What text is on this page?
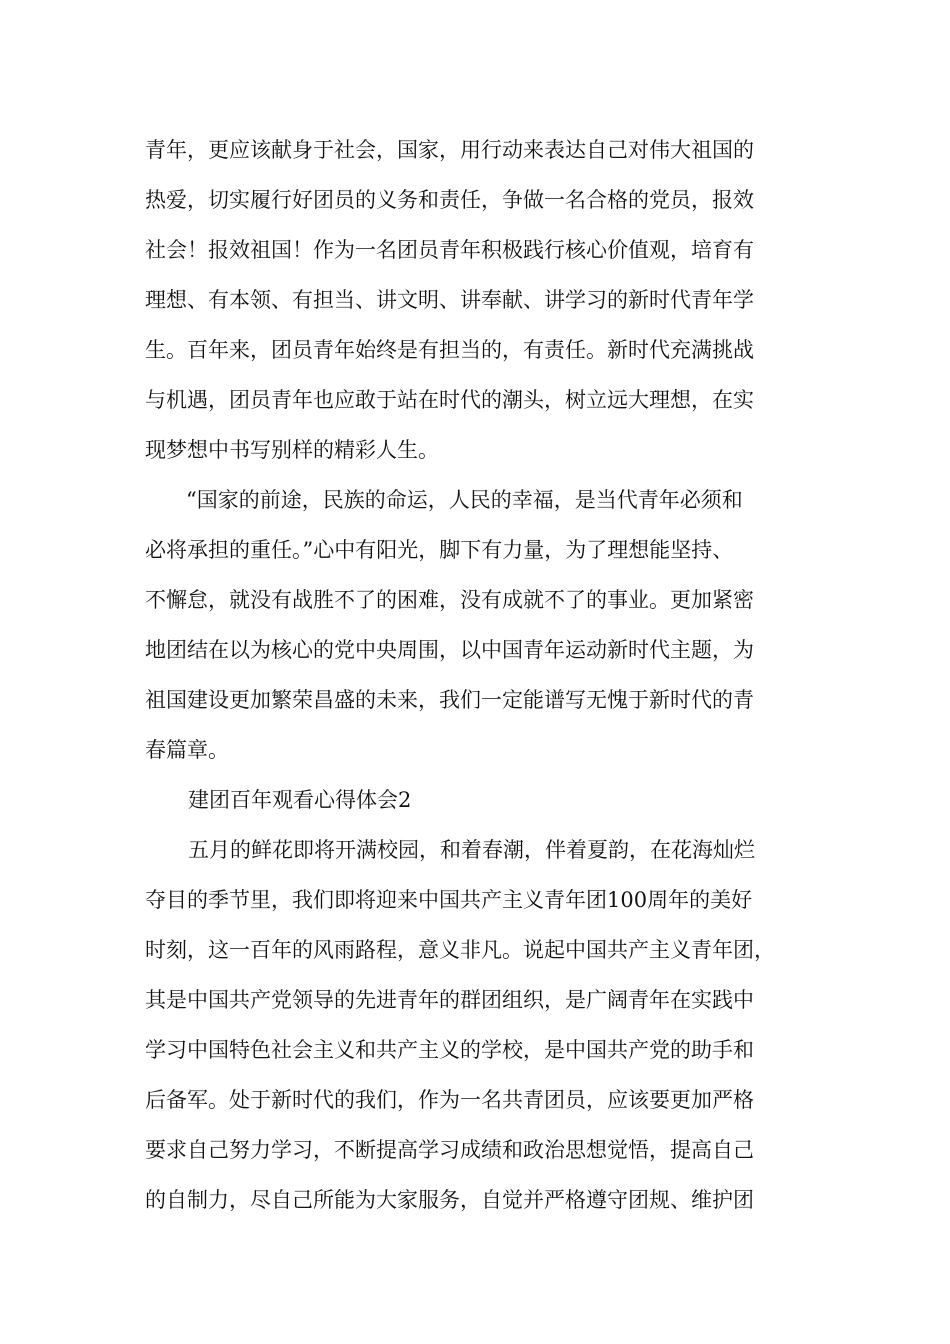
青年，更应该献身于社会，国家，用行动来表达自己对伟大祖国的
热爱，切实履行好团员的义务和责任，争做一名合格的党员，报效
社会！报效祖国！作为一名团员青年积极践行核心价值观，培育有
理想、有本领、有担当、讲文明、讲奉献、讲学习的新时代青年学
生。百年来，团员青年始终是有担当的，有责任。新时代充满挑战
与机遇，团员青年也应敢于站在时代的潮头，树立远大理想，在实
现梦想中书写别样的精彩人生。
“国家的前途，民族的命运，人民的幸福，是当代青年必须和
必将承担的重任。”心中有阳光，脚下有力量，为了理想能坚持、
不懈怠，就没有战胜不了的困难，没有成就不了的事业。更加紧密
地团结在以为核心的党中央周围，以中国青年运动新时代主题，为
祖国建设更加繁荣昌盛的未来，我们一定能谱写无愧于新时代的青
春篇章。
建团百年观看心得体会2
五月的鲜花即将开满校园，和着春潮，伴着夏韵，在花海灿烂
夺目的季节里，我们即将迎来中国共产主义青年团100周年的美好
时刻，这一百年的风雨路程，意义非凡。说起中国共产主义青年团，
其是中国共产党领导的先进青年的群团组织，是广阔青年在实践中
学习中国特色社会主义和共产主义的学校，是中国共产党的助手和
后备军。处于新时代的我们，作为一名共青团员，应该要更加严格
要求自己努力学习，不断提高学习成绩和政治思想觉悟，提高自己
的自制力，尽自己所能为大家服务，自觉并严格遵守团规、维护团
